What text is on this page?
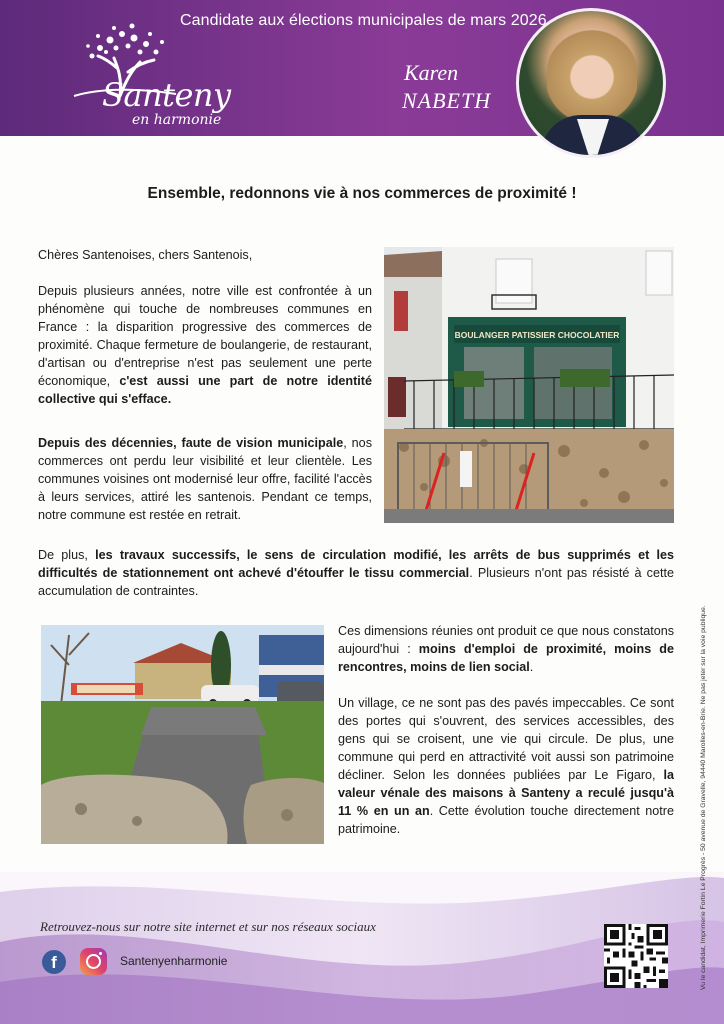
Candidate aux élections municipales de mars 2026
Santeny
en harmonie
Karen
NABETH
Ensemble, redonnons vie à nos commerces de proximité !

Chères Santenoises, chers Santenois,

Depuis plusieurs années, notre ville est confrontée à un phénomène qui touche de nombreuses communes en France : la disparition progressive des commerces de proximité. Chaque fermeture de boulangerie, de restaurant, d'artisan ou d'entreprise n'est pas seulement une perte économique, c'est aussi une part de notre identité collective qui s'efface.

Depuis des décennies, faute de vision municipale, nos commerces ont perdu leur visibilité et leur clientèle. Les communes voisines ont modernisé leur offre, facilité l'accès à leurs services, attiré les santenois. Pendant ce temps, notre commune est restée en retrait.

De plus, les travaux successifs, le sens de circulation modifié, les arrêts de bus supprimés et les difficultés de stationnement ont achevé d'étouffer le tissu commercial. Plusieurs n'ont pas résisté à cette accumulation de contraintes.

Ces dimensions réunies ont produit ce que nous constatons aujourd'hui : moins d'emploi de proximité, moins de rencontres, moins de lien social.

Un village, ce ne sont pas des pavés impeccables. Ce sont des portes qui s'ouvrent, des services accessibles, des gens qui se croisent, une vie qui circule. De plus, une commune qui perd en attractivité voit aussi son patrimoine décliner. Selon les données publiées par Le Figaro, la valeur vénale des maisons à Santeny a reculé jusqu'à 11 % en un an. Cette évolution touche directement notre patrimoine.

BOULANGER PATISSIER CHOCOLATIER
Retrouvez-nous sur notre site internet et sur nos réseaux sociaux
f	Santenyenharmonie	Vu le candidat, Imprimerie Fortin Le Progrès - 50 avenue de Gravelle, 94440 Marolles-en-Brie. Ne pas jeter sur la voie publique.
